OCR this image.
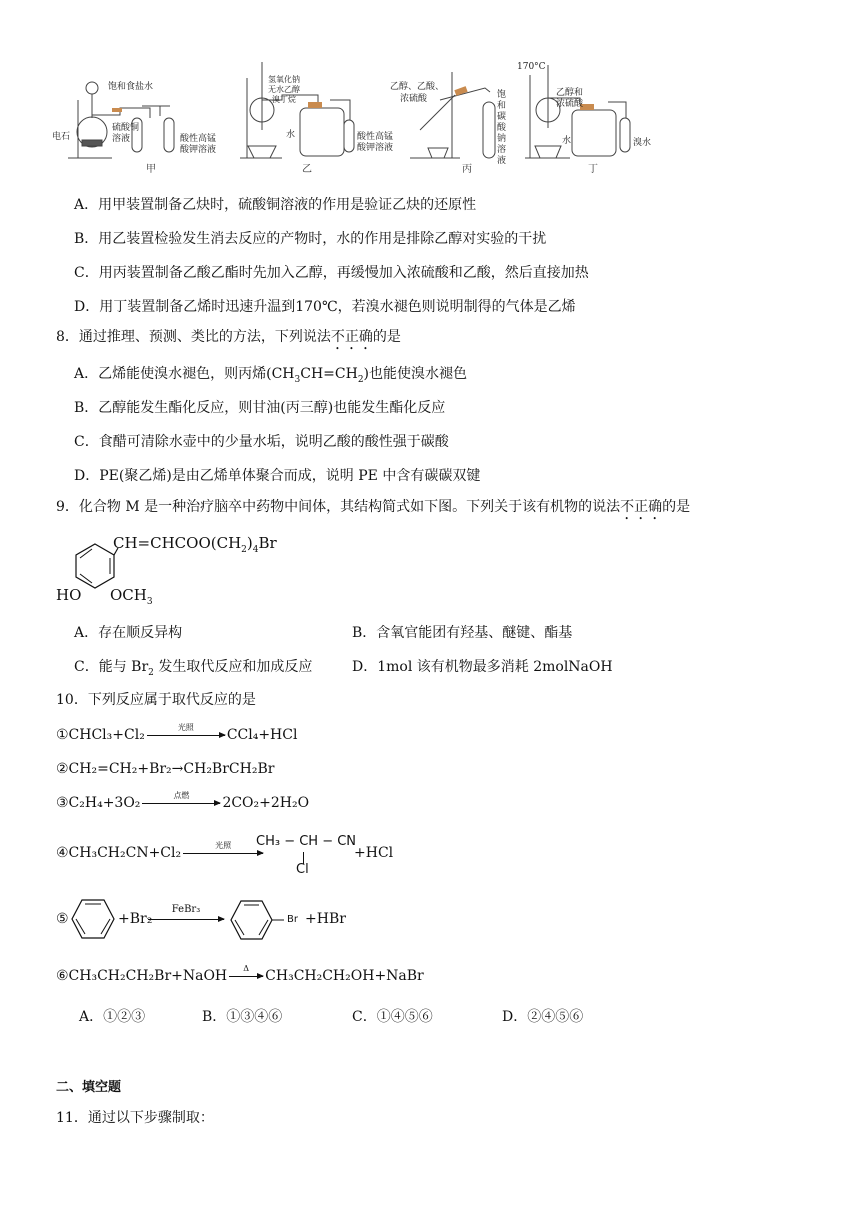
饱和食盐水
电石
硫酸铜
溶液	酸性高锰
酸钾溶液
氢氧化钠
无水乙醇
溴丁烷
水	酸性高锰
酸钾溶液
乙醇、乙酸、
浓硫酸	饱
和
碳
酸
钠
溶
液
170°C
乙醇和
浓硫酸
水	溴水
甲	乙	丙	丁
A．用甲装置制备乙炔时，硫酸铜溶液的作用是验证乙炔的还原性
B．用乙装置检验发生消去反应的产物时，水的作用是排除乙醇对实验的干扰
C．用丙装置制备乙酸乙酯时先加入乙醇，再缓慢加入浓硫酸和乙酸，然后直接加热
D．用丁装置制备乙烯时迅速升温到170℃，若溴水褪色则说明制得的气体是乙烯
8．通过推理、预测、类比的方法，下列说法不正确的是
A．乙烯能使溴水褪色，则丙烯$(CH_3CH=CH_2)$也能使溴水褪色
B．乙醇能发生酯化反应，则甘油(丙三醇)也能发生酯化反应
C．食醋可清除水壶中的少量水垢，说明乙酸的酸性强于碳酸
D．PE(聚乙烯)是由乙烯单体聚合而成，说明 PE 中含有碳碳双键
9．化合物 M 是一种治疗脑卒中药物中间体，其结构简式如下图。下列关于该有机物的说法不正确的是
$CH=CHCOO(CH_2)_4Br$
HO $OCH_3$
A．存在顺反异构	B．含氧官能团有羟基、醚键、酯基
C．能与 $Br_2$ 发生取代反应和加成反应	D．1mol 该有机物最多消耗 2molNaOH
10．下列反应属于取代反应的是
①CHCl₃+Cl₂	光照	CCl₄+HCl
②CH₂=CH₂+Br₂→CH₂BrCH₂Br
③C₂H₄+3O₂	点燃	2CO₂+2H₂O
④CH₃CH₂CN+Cl₂	光照	CH₃ − CH − CN
Cl
+HCl
⑤	+Br₂
FeBr₃
Br +HBr
⑥CH₃CH₂CH₂Br+NaOH	Δ	CH₃CH₂CH₂OH+NaBr
A．①②③	B．①③④⑥	C．①④⑤⑥	D．②④⑤⑥
二、填空题
11．通过以下步骤制取：
